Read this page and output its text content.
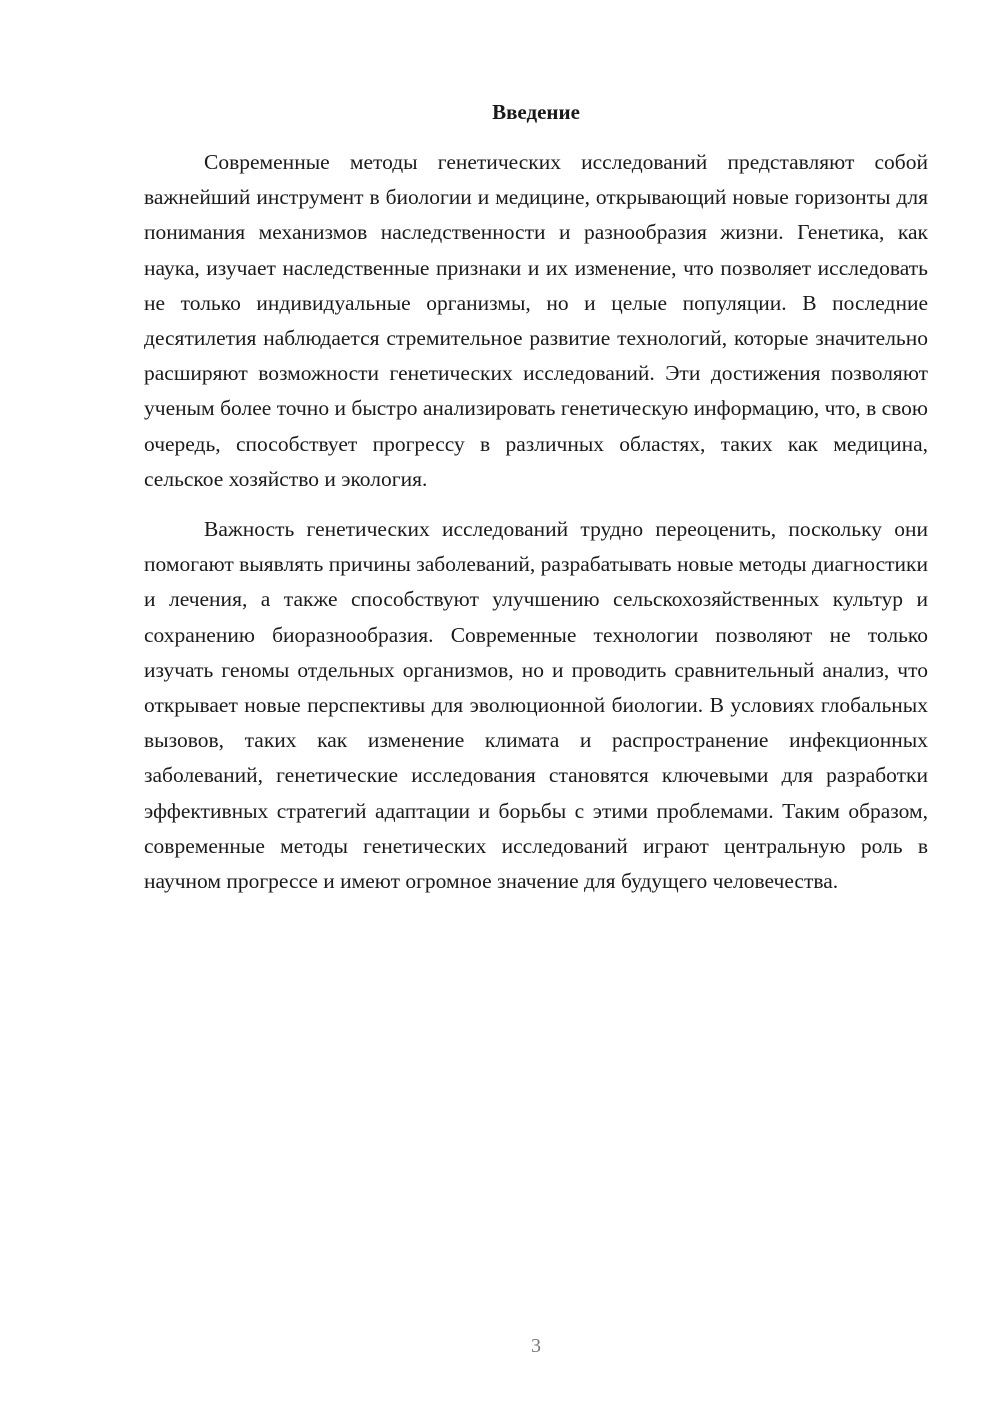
Введение

Современные методы генетических исследований представляют собой важнейший инструмент в биологии и медицине, открывающий новые горизонты для понимания механизмов наследственности и разнообразия жизни. Генетика, как наука, изучает наследственные признаки и их изменение, что позволяет исследовать не только индивидуальные организмы, но и целые популяции. В последние десятилетия наблюдается стремительное развитие технологий, которые значительно расширяют возможности генетических исследований. Эти достижения позволяют ученым более точно и быстро анализировать генетическую информацию, что, в свою очередь, способствует прогрессу в различных областях, таких как медицина, сельское хозяйство и экология.

Важность генетических исследований трудно переоценить, поскольку они помогают выявлять причины заболеваний, разрабатывать новые методы диагностики и лечения, а также способствуют улучшению сельскохозяйственных культур и сохранению биоразнообразия. Современные технологии позволяют не только изучать геномы отдельных организмов, но и проводить сравнительный анализ, что открывает новые перспективы для эволюционной биологии. В условиях глобальных вызовов, таких как изменение климата и распространение инфекционных заболеваний, генетические исследования становятся ключевыми для разработки эффективных стратегий адаптации и борьбы с этими проблемами. Таким образом, современные методы генетических исследований играют центральную роль в научном прогрессе и имеют огромное значение для будущего человечества.

3
